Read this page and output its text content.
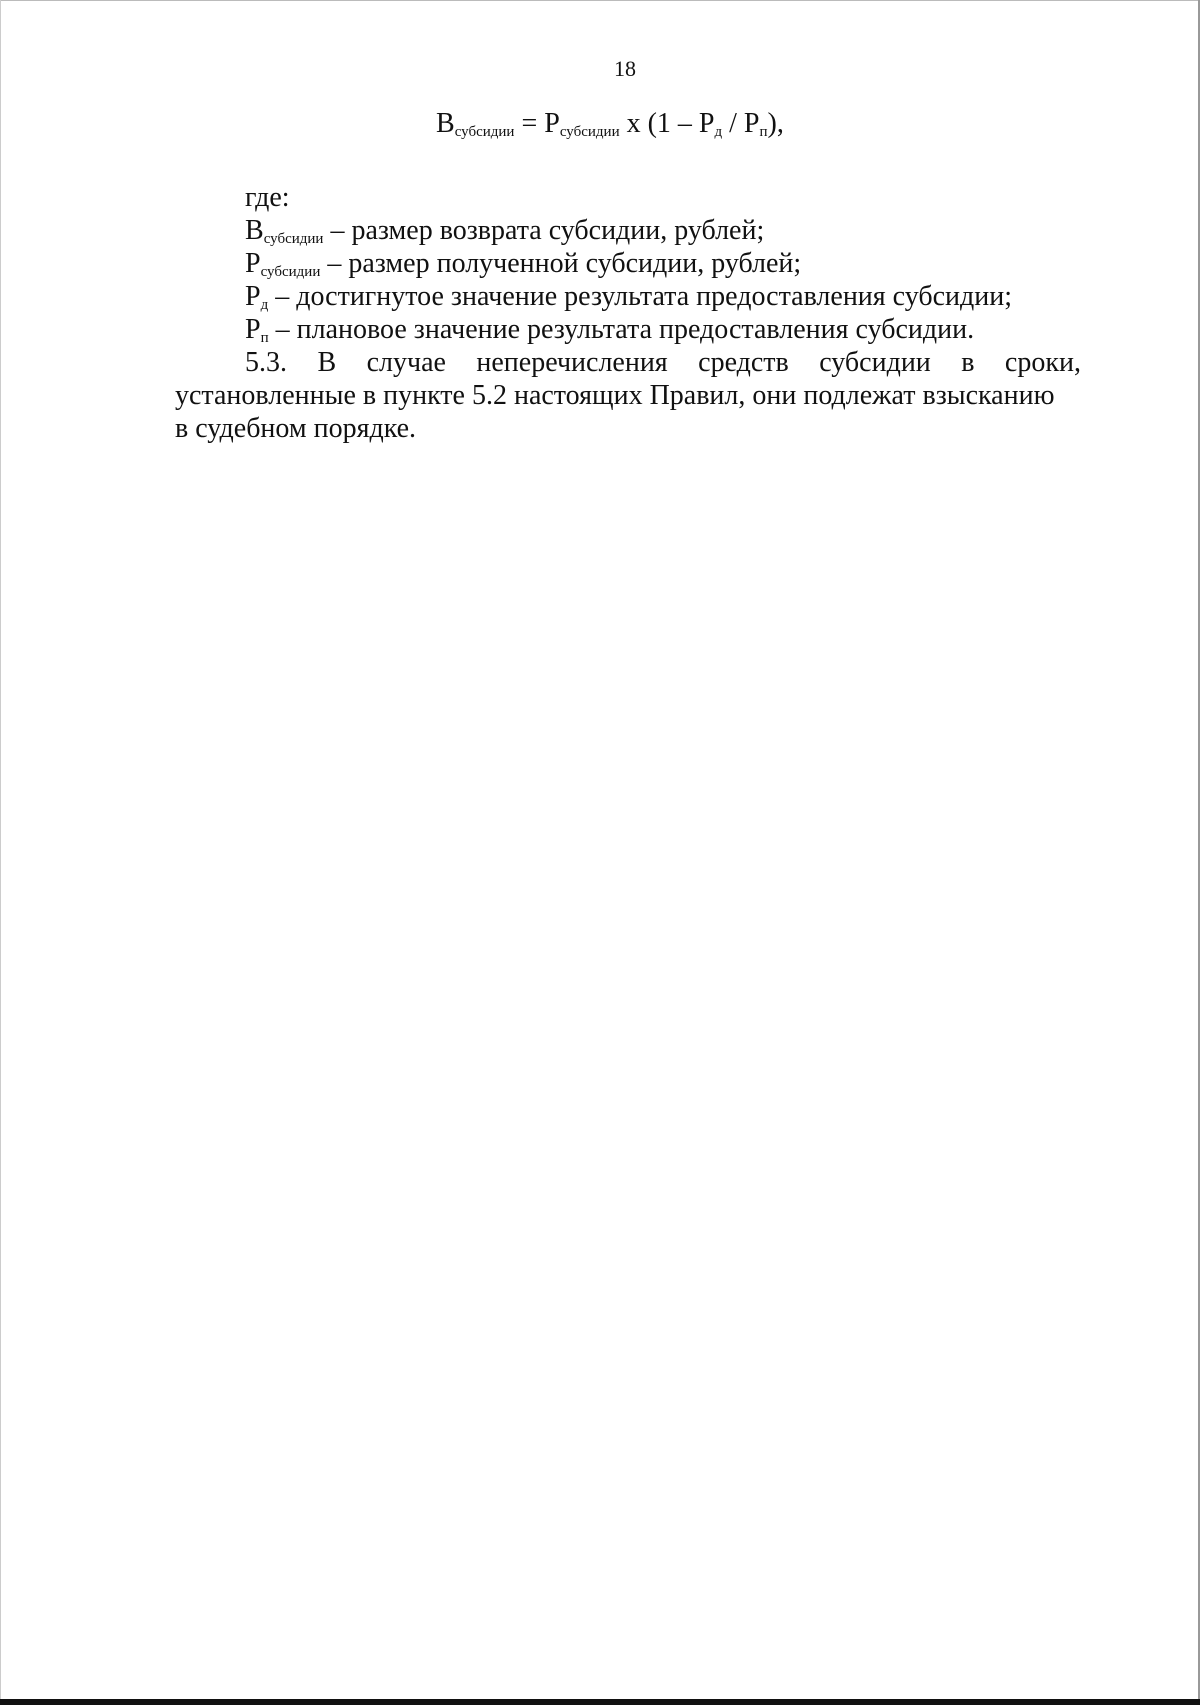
18
$В_{субсидии} = Р_{субсидии}$ x $(1 - Р_д / Р_п)$,
где:
$В_{субсидии}$ – размер возврата субсидии, рублей;
$Р_{субсидии}$ – размер полученной субсидии, рублей;
$Р_д$ – достигнутое значение результата предоставления субсидии;
$Р_п$ – плановое значение результата предоставления субсидии.
5.3. В случае неперечисления средств субсидии в сроки,
установленные в пункте 5.2 настоящих Правил, они подлежат взысканию
в судебном порядке.
